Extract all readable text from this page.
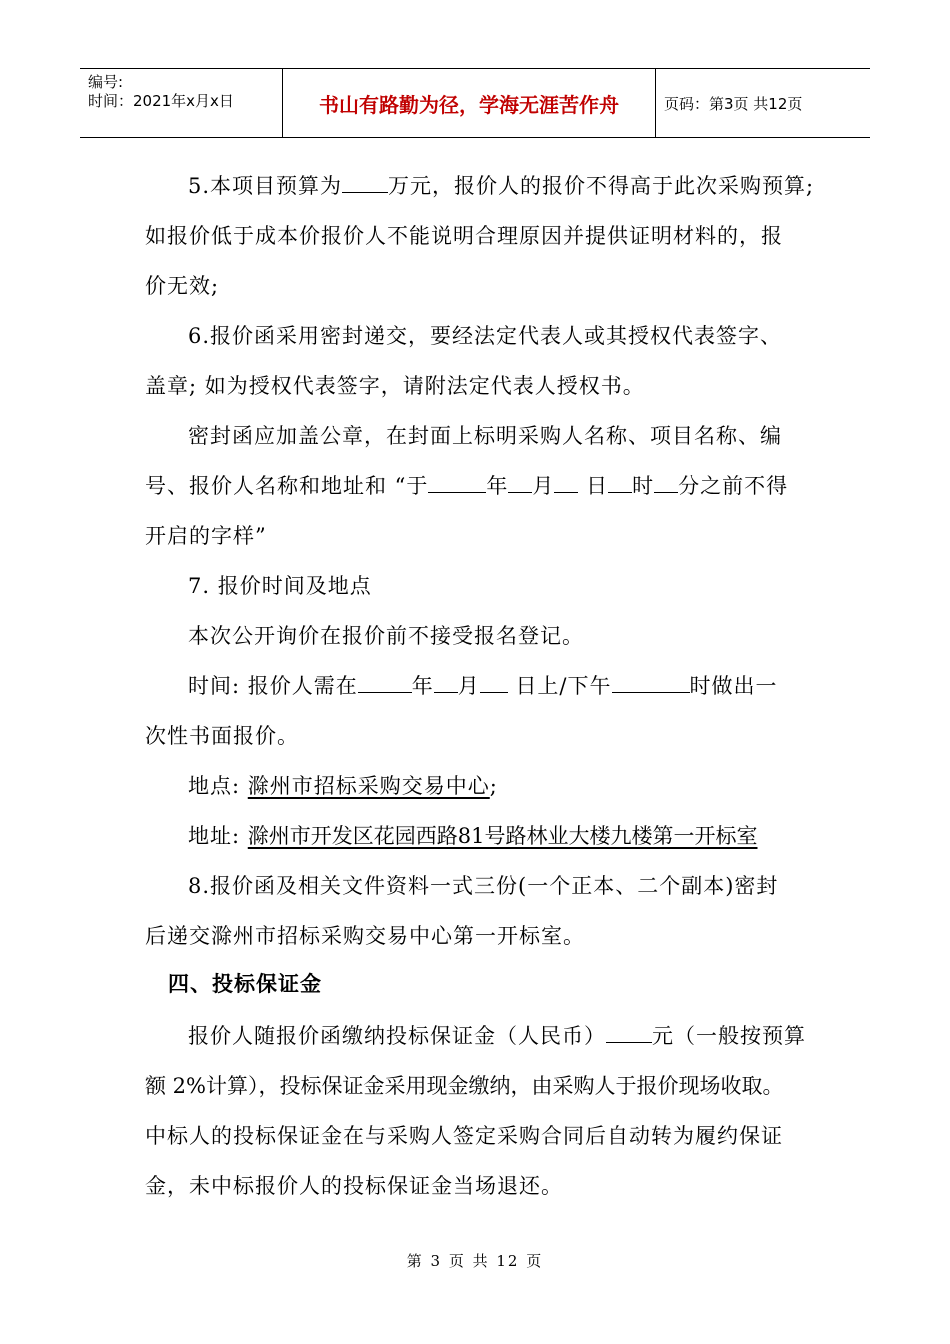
编号:
时间：2021年x月x日	书山有路勤为径，学海无涯苦作舟	页码：第3页 共12页
5.本项目预算为 万元，报价人的报价不得高于此次采购预算;
如报价低于成本价报价人不能说明合理原因并提供证明材料的，报
价无效;
6.报价函采用密封递交，要经法定代表人或其授权代表签字、
盖章; 如为授权代表签字，请附法定代表人授权书。
密封函应加盖公章，在封面上标明采购人名称、项目名称、编
号、报价人名称和地址和 “于	年 月 日 时 分之前不得
开启的字样”
7. 报价时间及地点
本次公开询价在报价前不接受报名登记。
时间: 报价人需在	年 月 日上/下午	时做出一
次性书面报价。
地点: 滁州市招标采购交易中心;
地址: 滁州市开发区花园西路81号路林业大楼九楼第一开标室
8.报价函及相关文件资料一式三份(一个正本、二个副本)密封
后递交滁州市招标采购交易中心第一开标室。
四、投标保证金
报价人随报价函缴纳投标保证金（人民币） 元（一般按预算
额 2%计算），投标保证金采用现金缴纳，由采购人于报价现场收取。
中标人的投标保证金在与采购人签定采购合同后自动转为履约保证
金，未中标报价人的投标保证金当场退还。
第 3 页 共 12 页
